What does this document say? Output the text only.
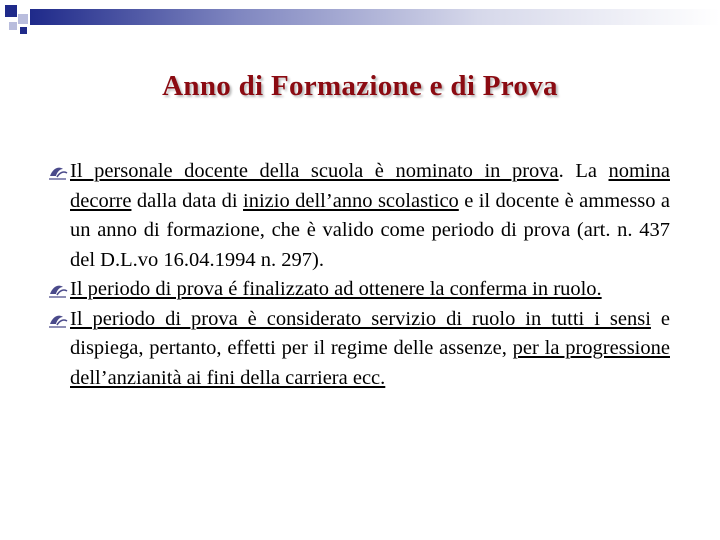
Anno di Formazione e di Prova
Il personale docente della scuola è nominato in prova. La nomina decorre dalla data di inizio dell’anno scolastico e il docente è ammesso a un anno di formazione, che è valido come periodo di prova (art. n. 437 del D.L.vo 16.04.1994 n. 297).
Il periodo di prova é finalizzato ad ottenere la conferma in ruolo.
Il periodo di prova è considerato servizio di ruolo in tutti i sensi e dispiega, pertanto, effetti per il regime delle assenze, per la progressione dell’anzianità ai fini della carriera ecc.
